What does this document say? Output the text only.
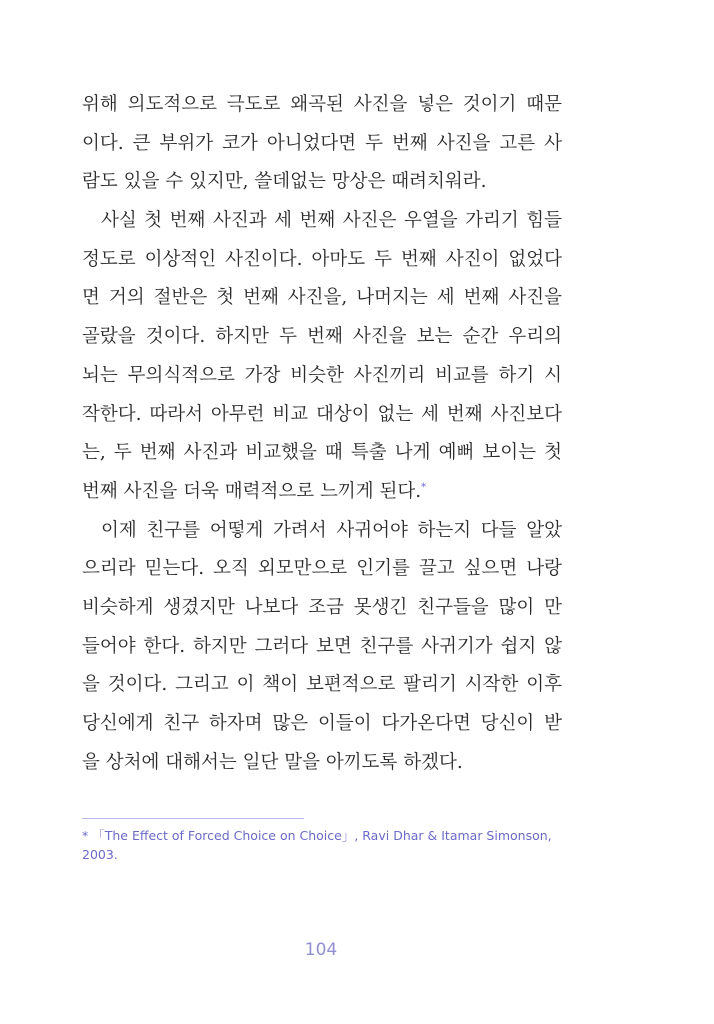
위해 의도적으로 극도로 왜곡된 사진을 넣은 것이기 때문
이다. 큰 부위가 코가 아니었다면 두 번째 사진을 고른 사
람도 있을 수 있지만, 쓸데없는 망상은 때려치워라.
사실 첫 번째 사진과 세 번째 사진은 우열을 가리기 힘들
정도로 이상적인 사진이다. 아마도 두 번째 사진이 없었다
면 거의 절반은 첫 번째 사진을, 나머지는 세 번째 사진을
골랐을 것이다. 하지만 두 번째 사진을 보는 순간 우리의
뇌는 무의식적으로 가장 비슷한 사진끼리 비교를 하기 시
작한다. 따라서 아무런 비교 대상이 없는 세 번째 사진보다
는, 두 번째 사진과 비교했을 때 특출 나게 예뻐 보이는 첫
번째 사진을 더욱 매력적으로 느끼게 된다.*
이제 친구를 어떻게 가려서 사귀어야 하는지 다들 알았
으리라 믿는다. 오직 외모만으로 인기를 끌고 싶으면 나랑
비슷하게 생겼지만 나보다 조금 못생긴 친구들을 많이 만
들어야 한다. 하지만 그러다 보면 친구를 사귀기가 쉽지 않
을 것이다. 그리고 이 책이 보편적으로 팔리기 시작한 이후
당신에게 친구 하자며 많은 이들이 다가온다면 당신이 받
을 상처에 대해서는 일단 말을 아끼도록 하겠다.
* 「The Effect of Forced Choice on Choice」, Ravi Dhar & Itamar Simonson, 2003.
104
